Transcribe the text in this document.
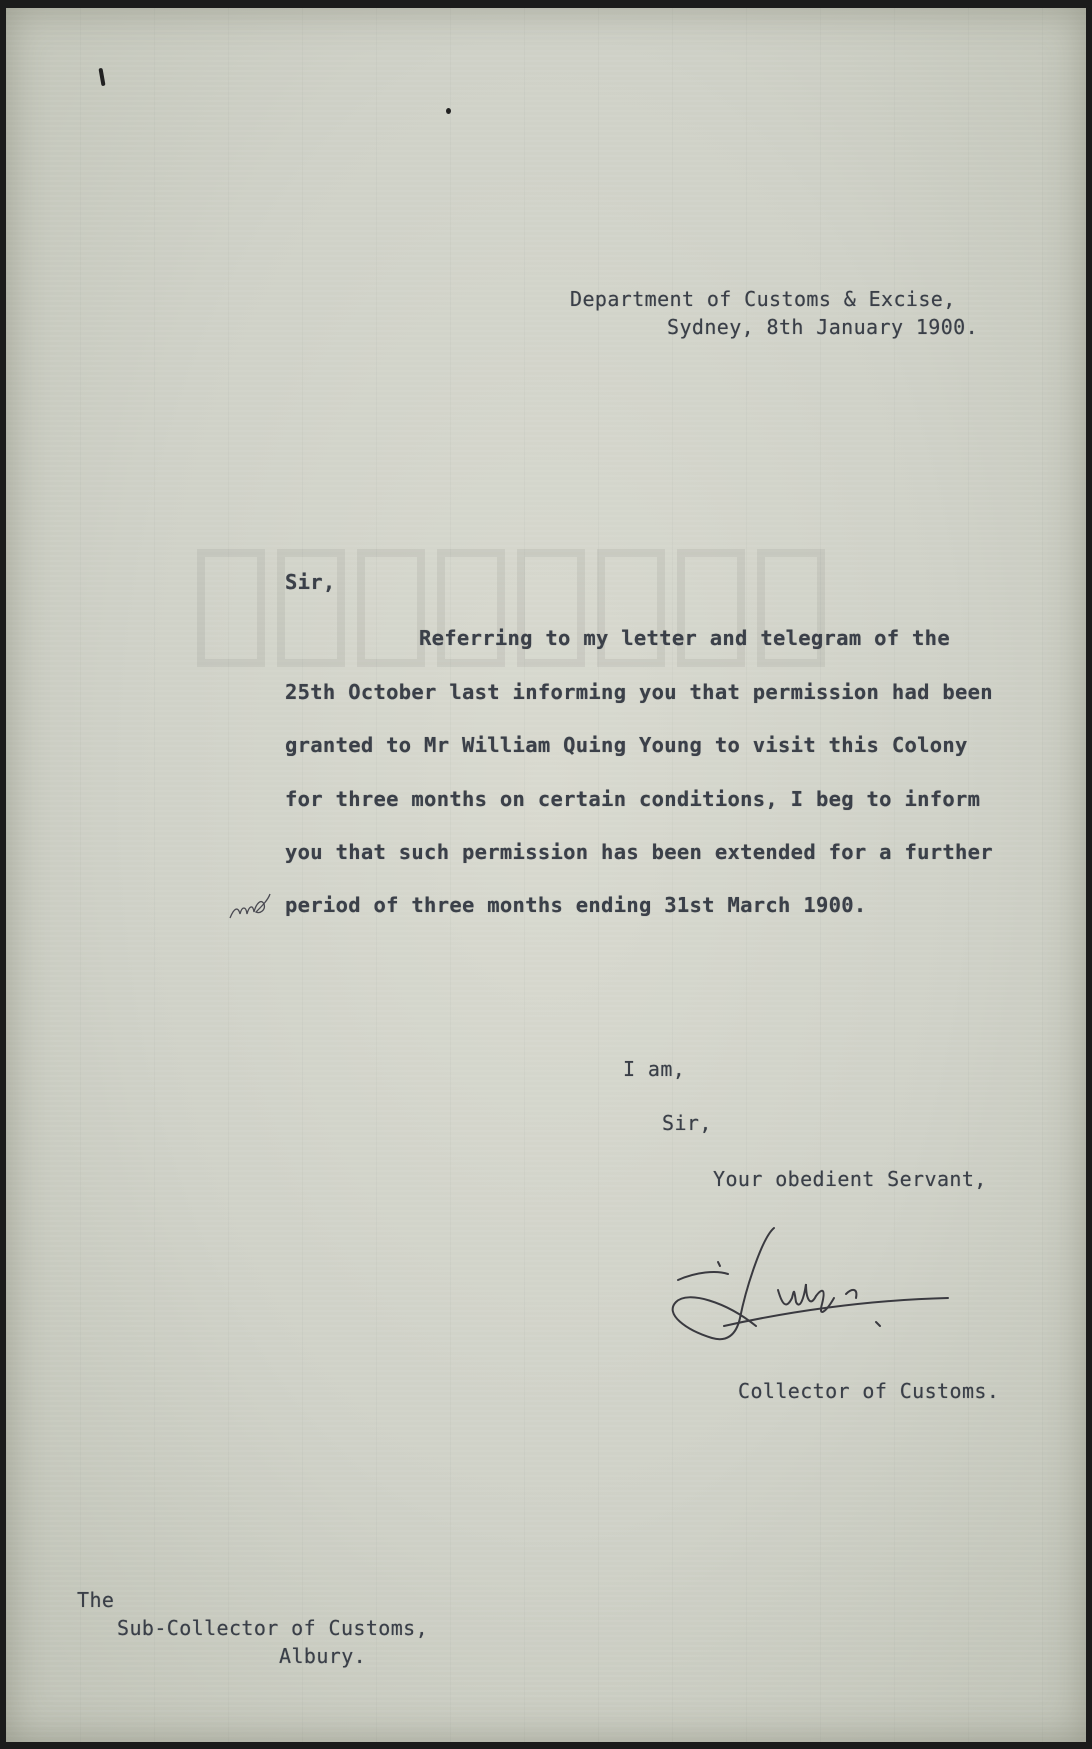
Department of Customs & Excise,
Sydney, 8th January 1900.
Sir,
Referring to my letter and telegram of the
25th October last informing you that permission had been
granted to Mr William Quing Young to visit this Colony
for three months on certain conditions, I beg to inform
you that such permission has been extended for a further
period of three months ending 31st March 1900.
I am,
Sir,
Your obedient Servant,
Collector of Customs.
The
Sub-Collector of Customs,
Albury.
